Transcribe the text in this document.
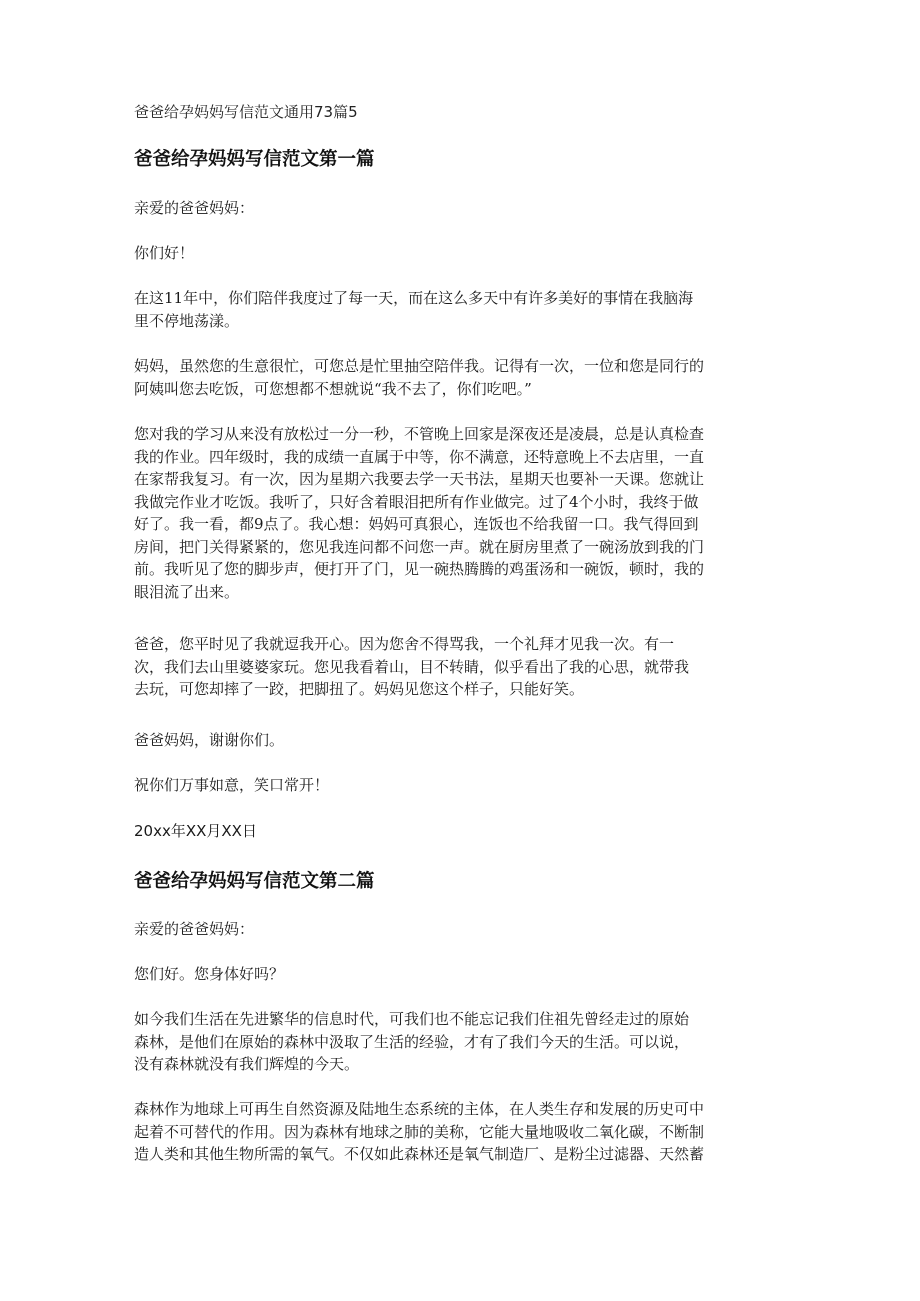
爸爸给孕妈妈写信范文通用73篇5
爸爸给孕妈妈写信范文第一篇

亲爱的爸爸妈妈：

你们好！

在这11年中，你们陪伴我度过了每一天，而在这么多天中有许多美好的事情在我脑海
里不停地荡漾。

妈妈，虽然您的生意很忙，可您总是忙里抽空陪伴我。记得有一次，一位和您是同行的
阿姨叫您去吃饭，可您想都不想就说“我不去了，你们吃吧。”

您对我的学习从来没有放松过一分一秒，不管晚上回家是深夜还是凌晨，总是认真检查
我的作业。四年级时，我的成绩一直属于中等，你不满意，还特意晚上不去店里，一直
在家帮我复习。有一次，因为星期六我要去学一天书法，星期天也要补一天课。您就让
我做完作业才吃饭。我听了，只好含着眼泪把所有作业做完。过了4个小时，我终于做
好了。我一看，都9点了。我心想：妈妈可真狠心，连饭也不给我留一口。我气得回到
房间，把门关得紧紧的，您见我连问都不问您一声。就在厨房里煮了一碗汤放到我的门
前。我听见了您的脚步声，便打开了门，见一碗热腾腾的鸡蛋汤和一碗饭，顿时，我的
眼泪流了出来。

爸爸，您平时见了我就逗我开心。因为您舍不得骂我，一个礼拜才见我一次。有一
次，我们去山里婆婆家玩。您见我看着山，目不转睛，似乎看出了我的心思，就带我
去玩，可您却摔了一跤，把脚扭了。妈妈见您这个样子，只能好笑。

爸爸妈妈，谢谢你们。

祝你们万事如意，笑口常开！

20xx年XX月XX日

爸爸给孕妈妈写信范文第二篇

亲爱的爸爸妈妈：

您们好。您身体好吗？

如今我们生活在先进繁华的信息时代，可我们也不能忘记我们住祖先曾经走过的原始
森林，是他们在原始的森林中汲取了生活的经验，才有了我们今天的生活。可以说，
没有森林就没有我们辉煌的今天。

森林作为地球上可再生自然资源及陆地生态系统的主体，在人类生存和发展的历史可中
起着不可替代的作用。因为森林有地球之肺的美称，它能大量地吸收二氧化碳，不断制
造人类和其他生物所需的氧气。不仅如此森林还是氧气制造厂、是粉尘过滤器、天然蓄
